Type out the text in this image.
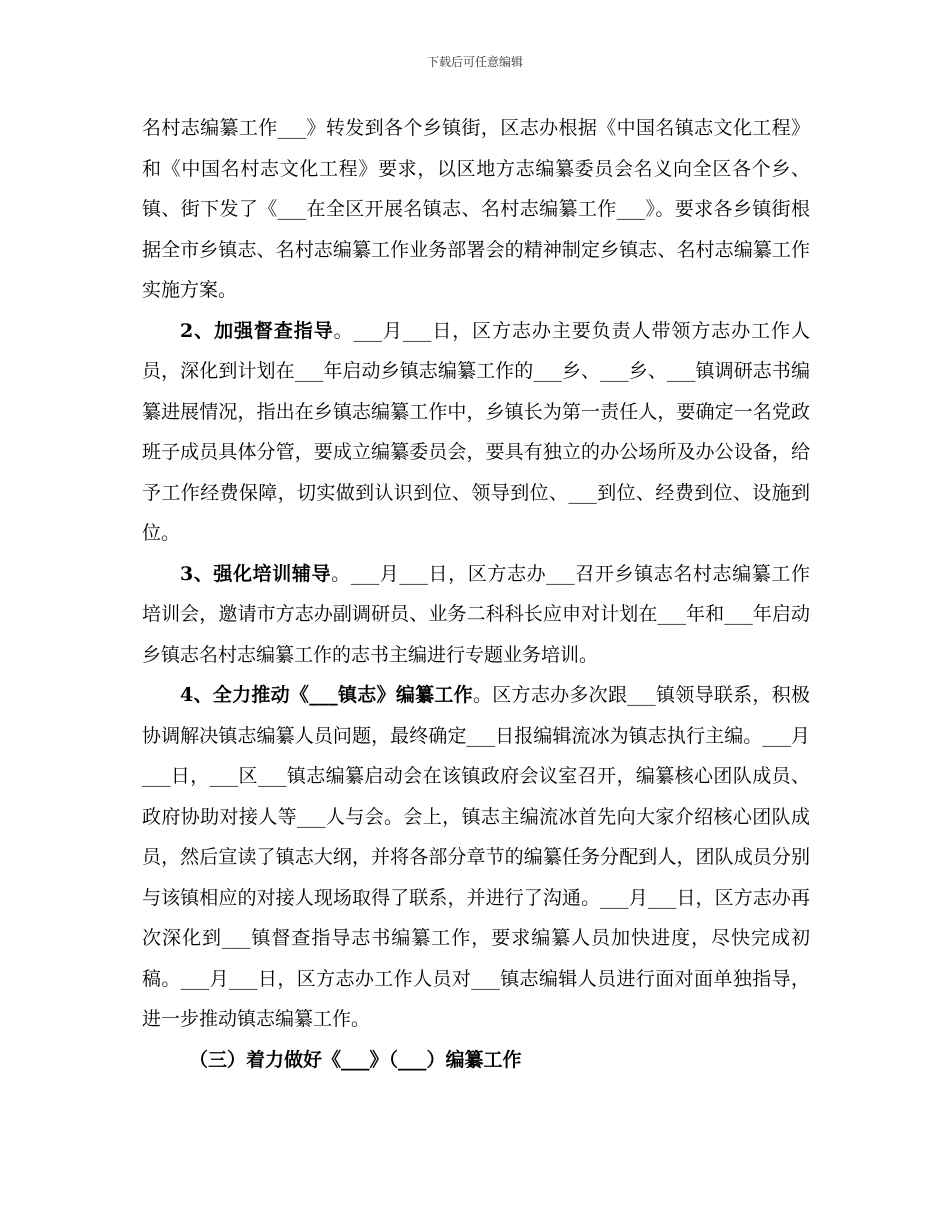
下载后可任意编辑

名村志编纂工作___》转发到各个乡镇街，区志办根据《中国名镇志文化工程》和《中国名村志文化工程》要求，以区地方志编纂委员会名义向全区各个乡、镇、街下发了《___在全区开展名镇志、名村志编纂工作___》。要求各乡镇街根据全市乡镇志、名村志编纂工作业务部署会的精神制定乡镇志、名村志编纂工作实施方案。

2、加强督查指导。___月___日，区方志办主要负责人带领方志办工作人员，深化到计划在___年启动乡镇志编纂工作的___乡、___乡、___镇调研志书编纂进展情况，指出在乡镇志编纂工作中，乡镇长为第一责任人，要确定一名党政班子成员具体分管，要成立编纂委员会，要具有独立的办公场所及办公设备，给予工作经费保障，切实做到认识到位、领导到位、___到位、经费到位、设施到位。

3、强化培训辅导。___月___日，区方志办___召开乡镇志名村志编纂工作培训会，邀请市方志办副调研员、业务二科科长应申对计划在___年和___年启动乡镇志名村志编纂工作的志书主编进行专题业务培训。

4、全力推动《___镇志》编纂工作。区方志办多次跟___镇领导联系，积极协调解决镇志编纂人员问题，最终确定___日报编辑流冰为镇志执行主编。___月___日，___区___镇志编纂启动会在该镇政府会议室召开，编纂核心团队成员、政府协助对接人等___人与会。会上，镇志主编流冰首先向大家介绍核心团队成员，然后宣读了镇志大纲，并将各部分章节的编纂任务分配到人，团队成员分别与该镇相应的对接人现场取得了联系，并进行了沟通。___月___日，区方志办再次深化到___镇督查指导志书编纂工作，要求编纂人员加快进度，尽快完成初稿。___月___日，区方志办工作人员对___镇志编辑人员进行面对面单独指导，进一步推动镇志编纂工作。

（三）着力做好《___》（___）编纂工作
